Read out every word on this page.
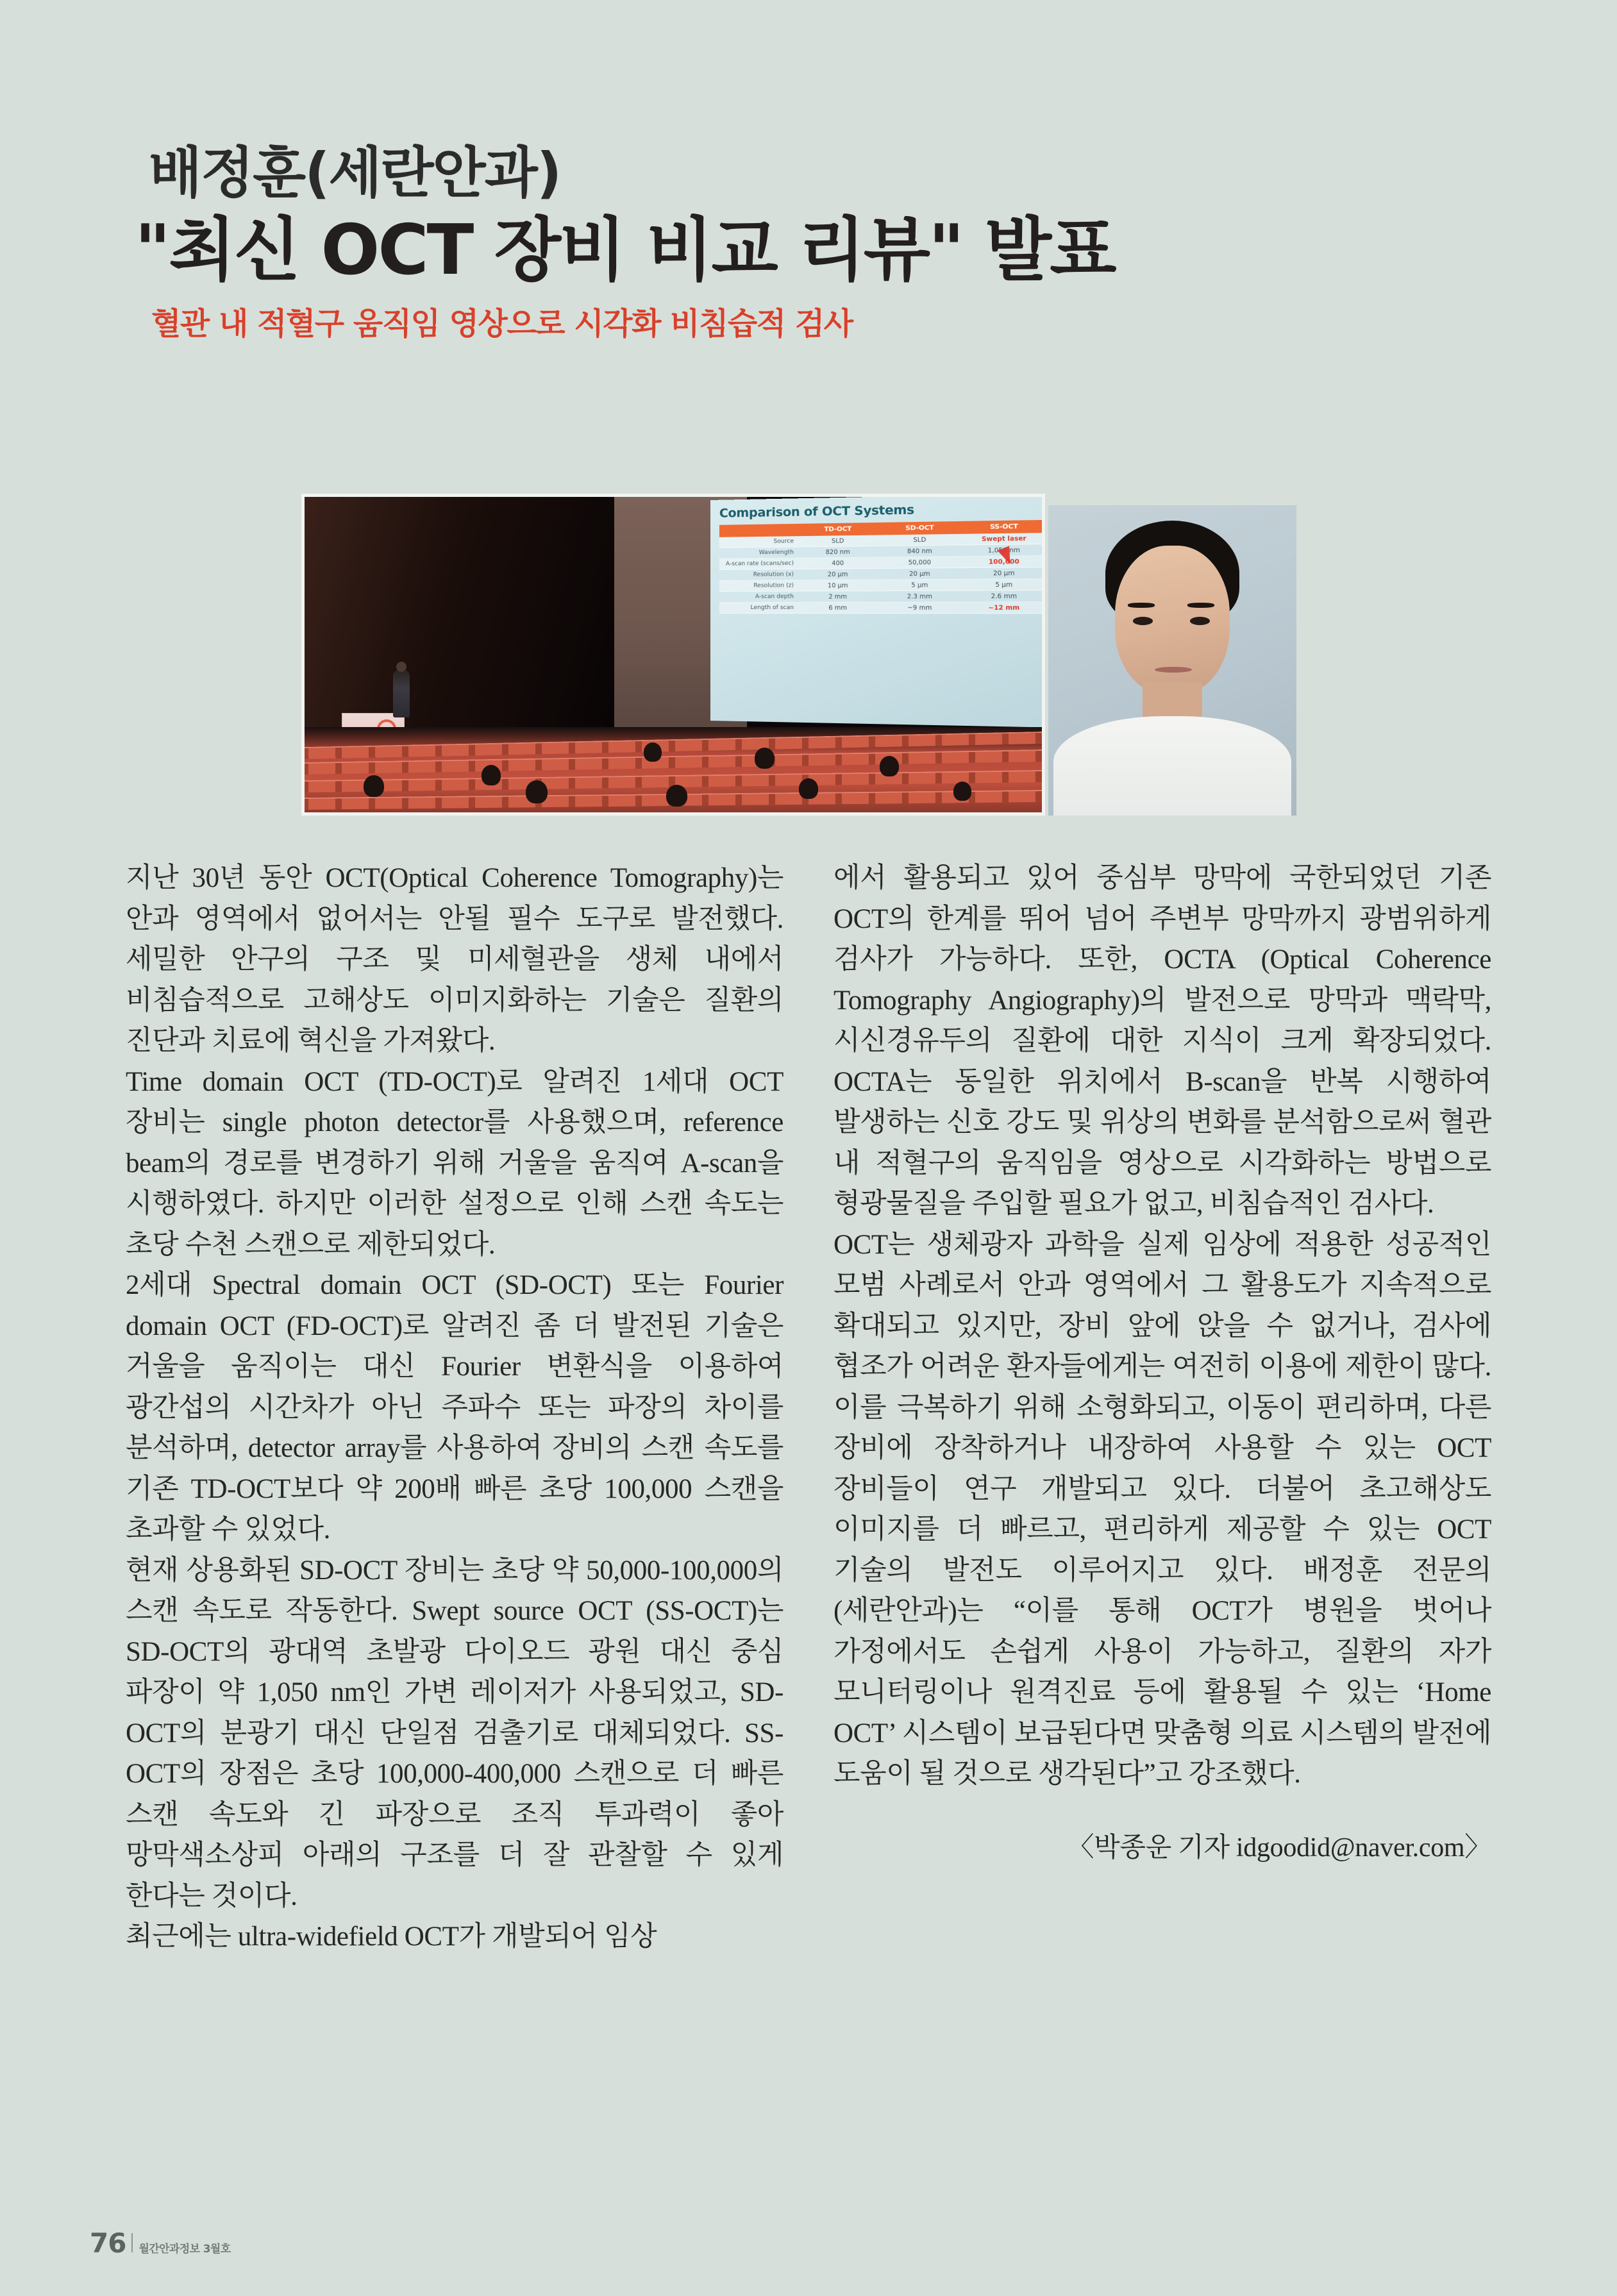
배정훈(세란안과)
"최신 OCT 장비 비교 리뷰" 발표
혈관 내 적혈구 움직임 영상으로 시각화 비침습적 검사
Comparison of OCT Systems
	TD-OCT	SD-OCT	SS-OCT
Source	SLD	SLD	Swept laser
Wavelength	820 nm	840 nm	1,050 nm
A-scan rate (scans/sec)	400	50,000	100,000
Resolution (x)	20 μm	20 μm	20 μm
Resolution (z)	10 μm	5 μm	5 μm
A-scan depth	2 mm	2.3 mm	2.6 mm
Length of scan	6 mm	~9 mm	~12 mm

지난 30년 동안 OCT(Optical Coherence Tomography)는 안과 영역에서 없어서는 안될 필수 도구로 발전했다. 세밀한 안구의 구조 및 미세혈관을 생체 내에서 비침습적으로 고해상도 이미지화하는 기술은 질환의 진단과 치료에 혁신을 가져왔다.

Time domain OCT (TD-OCT)로 알려진 1세대 OCT 장비는 single photon detector를 사용했으며, reference beam의 경로를 변경하기 위해 거울을 움직여 A-scan을 시행하였다. 하지만 이러한 설정으로 인해 스캔 속도는 초당 수천 스캔으로 제한되었다.

2세대 Spectral domain OCT (SD-OCT) 또는 Fourier domain OCT (FD-OCT)로 알려진 좀 더 발전된 기술은 거울을 움직이는 대신 Fourier 변환식을 이용하여 광간섭의 시간차가 아닌 주파수 또는 파장의 차이를 분석하며, detector array를 사용하여 장비의 스캔 속도를 기존 TD-OCT보다 약 200배 빠른 초당 100,000 스캔을 초과할 수 있었다.

현재 상용화된 SD-OCT 장비는 초당 약 50,000-100,000의 스캔 속도로 작동한다. Swept source OCT (SS-OCT)는 SD-OCT의 광대역 초발광 다이오드 광원 대신 중심 파장이 약 1,050 nm인 가변 레이저가 사용되었고, SD-OCT의 분광기 대신 단일점 검출기로 대체되었다. SS-OCT의 장점은 초당 100,000-400,000 스캔으로 더 빠른 스캔 속도와 긴 파장으로 조직 투과력이 좋아 망막색소상피 아래의 구조를 더 잘 관찰할 수 있게 한다는 것이다.

최근에는 ultra-widefield OCT가 개발되어 임상

에서 활용되고 있어 중심부 망막에 국한되었던 기존 OCT의 한계를 뛰어 넘어 주변부 망막까지 광범위하게 검사가 가능하다. 또한, OCTA (Optical Coherence Tomography Angiography)의 발전으로 망막과 맥락막, 시신경유두의 질환에 대한 지식이 크게 확장되었다. OCTA는 동일한 위치에서 B-scan을 반복 시행하여 발생하는 신호 강도 및 위상의 변화를 분석함으로써 혈관 내 적혈구의 움직임을 영상으로 시각화하는 방법으로 형광물질을 주입할 필요가 없고, 비침습적인 검사다.

OCT는 생체광자 과학을 실제 임상에 적용한 성공적인 모범 사례로서 안과 영역에서 그 활용도가 지속적으로 확대되고 있지만, 장비 앞에 앉을 수 없거나, 검사에 협조가 어려운 환자들에게는 여전히 이용에 제한이 많다. 이를 극복하기 위해 소형화되고, 이동이 편리하며, 다른 장비에 장착하거나 내장하여 사용할 수 있는 OCT 장비들이 연구 개발되고 있다. 더불어 초고해상도 이미지를 더 빠르고, 편리하게 제공할 수 있는 OCT 기술의 발전도 이루어지고 있다. 배정훈 전문의(세란안과)는 “이를 통해 OCT가 병원을 벗어나 가정에서도 손쉽게 사용이 가능하고, 질환의 자가 모니터링이나 원격진료 등에 활용될 수 있는 ‘Home OCT’ 시스템이 보급된다면 맞춤형 의료 시스템의 발전에 도움이 될 것으로 생각된다”고 강조했다.

〈박종운 기자 idgoodid@naver.com〉
76 월간안과정보 3월호
